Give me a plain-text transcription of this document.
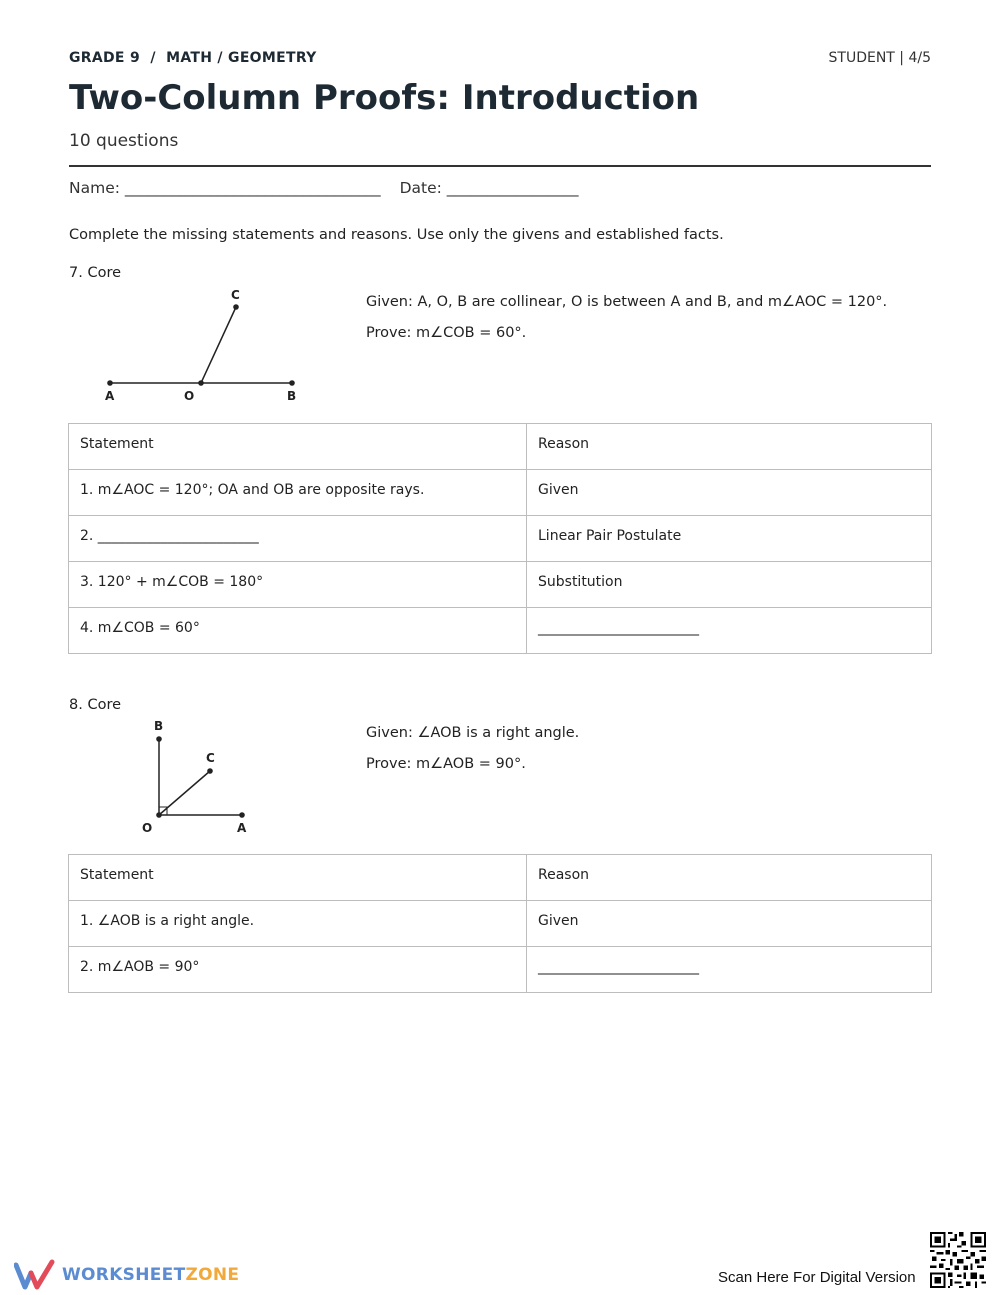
GRADE 9  /  MATH / GEOMETRY	STUDENT | 4/5
Two-Column Proofs: Introduction
10 questions
Name: _________________________________ Date: _________________
Complete the missing statements and reasons. Use only the givens and established facts.
7. Core
C
A	O	B
Given: A, O, B are collinear, O is between A and B, and m∠AOC = 120°.
Prove: m∠COB = 60°.
Statement	Reason
1. m∠AOC = 120°; OA and OB are opposite rays.	Given
2. _______________________	Linear Pair Postulate
3. 120° + m∠COB = 180°	Substitution
4. m∠COB = 60°	_______________________
8. Core
B
C
O	A
Given: ∠AOB is a right angle.
Prove: m∠AOB = 90°.
Statement	Reason
1. ∠AOB is a right angle.	Given
2. m∠AOB = 90°	_______________________
WORKSHEETZONE	Scan Here For Digital Version
